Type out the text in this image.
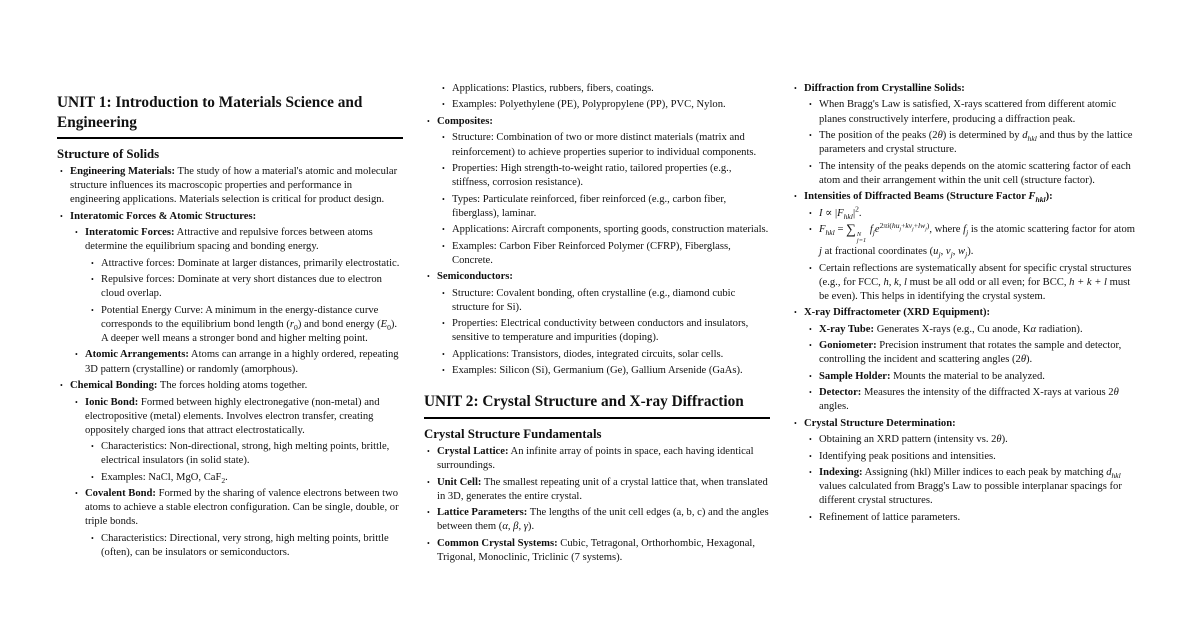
UNIT 1: Introduction to Materials Science and Engineering
Structure of Solids
• Engineering Materials: The study of how a material's atomic and molecular structure influences its macroscopic properties and performance in engineering applications. Materials selection is critical for product design.
• Interatomic Forces & Atomic Structures:
• Interatomic Forces: Attractive and repulsive forces between atoms determine the equilibrium spacing and bonding energy.
• Attractive forces: Dominate at larger distances, primarily electrostatic.
• Repulsive forces: Dominate at very short distances due to electron cloud overlap.
• Potential Energy Curve: A minimum in the energy-distance curve corresponds to the equilibrium bond length $(r_0)$ and bond energy $(E_0)$. A deeper well means a stronger bond and higher melting point.
• Atomic Arrangements: Atoms can arrange in a highly ordered, repeating 3D pattern (crystalline) or randomly (amorphous).
• Chemical Bonding: The forces holding atoms together.
• Ionic Bond: Formed between highly electronegative (non-metal) and electropositive (metal) elements. Involves electron transfer, creating oppositely charged ions that attract electrostatically.
• Characteristics: Non-directional, strong, high melting points, brittle, electrical insulators (in solid state).
• Examples: NaCl, MgO, CaF$_2$.
• Covalent Bond: Formed by the sharing of valence electrons between two atoms to achieve a stable electron configuration. Can be single, double, or triple bonds.
• Characteristics: Directional, very strong, high melting points, brittle (often), can be insulators or semiconductors.
• Applications: Plastics, rubbers, fibers, coatings.
• Examples: Polyethylene (PE), Polypropylene (PP), PVC, Nylon.
• Composites:
• Structure: Combination of two or more distinct materials (matrix and reinforcement) to achieve properties superior to individual components.
• Properties: High strength-to-weight ratio, tailored properties (e.g., stiffness, corrosion resistance).
• Types: Particulate reinforced, fiber reinforced (e.g., carbon fiber, fiberglass), laminar.
• Applications: Aircraft components, sporting goods, construction materials.
• Examples: Carbon Fiber Reinforced Polymer (CFRP), Fiberglass, Concrete.
• Semiconductors:
• Structure: Covalent bonding, often crystalline (e.g., diamond cubic structure for Si).
• Properties: Electrical conductivity between conductors and insulators, sensitive to temperature and impurities (doping).
• Applications: Transistors, diodes, integrated circuits, solar cells.
• Examples: Silicon (Si), Germanium (Ge), Gallium Arsenide (GaAs).
UNIT 2: Crystal Structure and X-ray Diffraction
Crystal Structure Fundamentals
• Crystal Lattice: An infinite array of points in space, each having identical surroundings.
• Unit Cell: The smallest repeating unit of a crystal lattice that, when translated in 3D, generates the entire crystal.
• Lattice Parameters: The lengths of the unit cell edges (a, b, c) and the angles between them (α, β, γ).
• Common Crystal Systems: Cubic, Tetragonal, Orthorhombic, Hexagonal, Trigonal, Monoclinic, Triclinic (7 systems).
• Diffraction from Crystalline Solids:
• When Bragg's Law is satisfied, X-rays scattered from different atomic planes constructively interfere, producing a diffraction peak.
• The position of the peaks (2θ) is determined by $d_{hkl}$ and thus by the lattice parameters and crystal structure.
• The intensity of the peaks depends on the atomic scattering factor of each atom and their arrangement within the unit cell (structure factor).
• Intensities of Diffracted Beams (Structure Factor $F_{hkl}$):
• $I \propto |F_{hkl}|^2$.
• $F_{hkl}$ = ∑ N
j=1
$f_je^{2\pi i(hu_j+kv_j+lw_j)}$, where $f_j$ is the atomic scattering factor for atom j at fractional coordinates ($u_j$, $v_j$, $w_j$).
• Certain reflections are systematically absent for specific crystal structures (e.g., for FCC, h, k, l must be all odd or all even; for BCC, h + k + l must be even). This helps in identifying the crystal system.
• X-ray Diffractometer (XRD Equipment):
• X-ray Tube: Generates X-rays (e.g., Cu anode, Kα radiation).
• Goniometer: Precision instrument that rotates the sample and detector, controlling the incident and scattering angles (2θ).
• Sample Holder: Mounts the material to be analyzed.
• Detector: Measures the intensity of the diffracted X-rays at various 2θ angles.
• Crystal Structure Determination:
• Obtaining an XRD pattern (intensity vs. 2θ).
• Identifying peak positions and intensities.
• Indexing: Assigning (hkl) Miller indices to each peak by matching $d_{hkl}$ values calculated from Bragg's Law to possible interplanar spacings for different crystal structures.
• Refinement of lattice parameters.
